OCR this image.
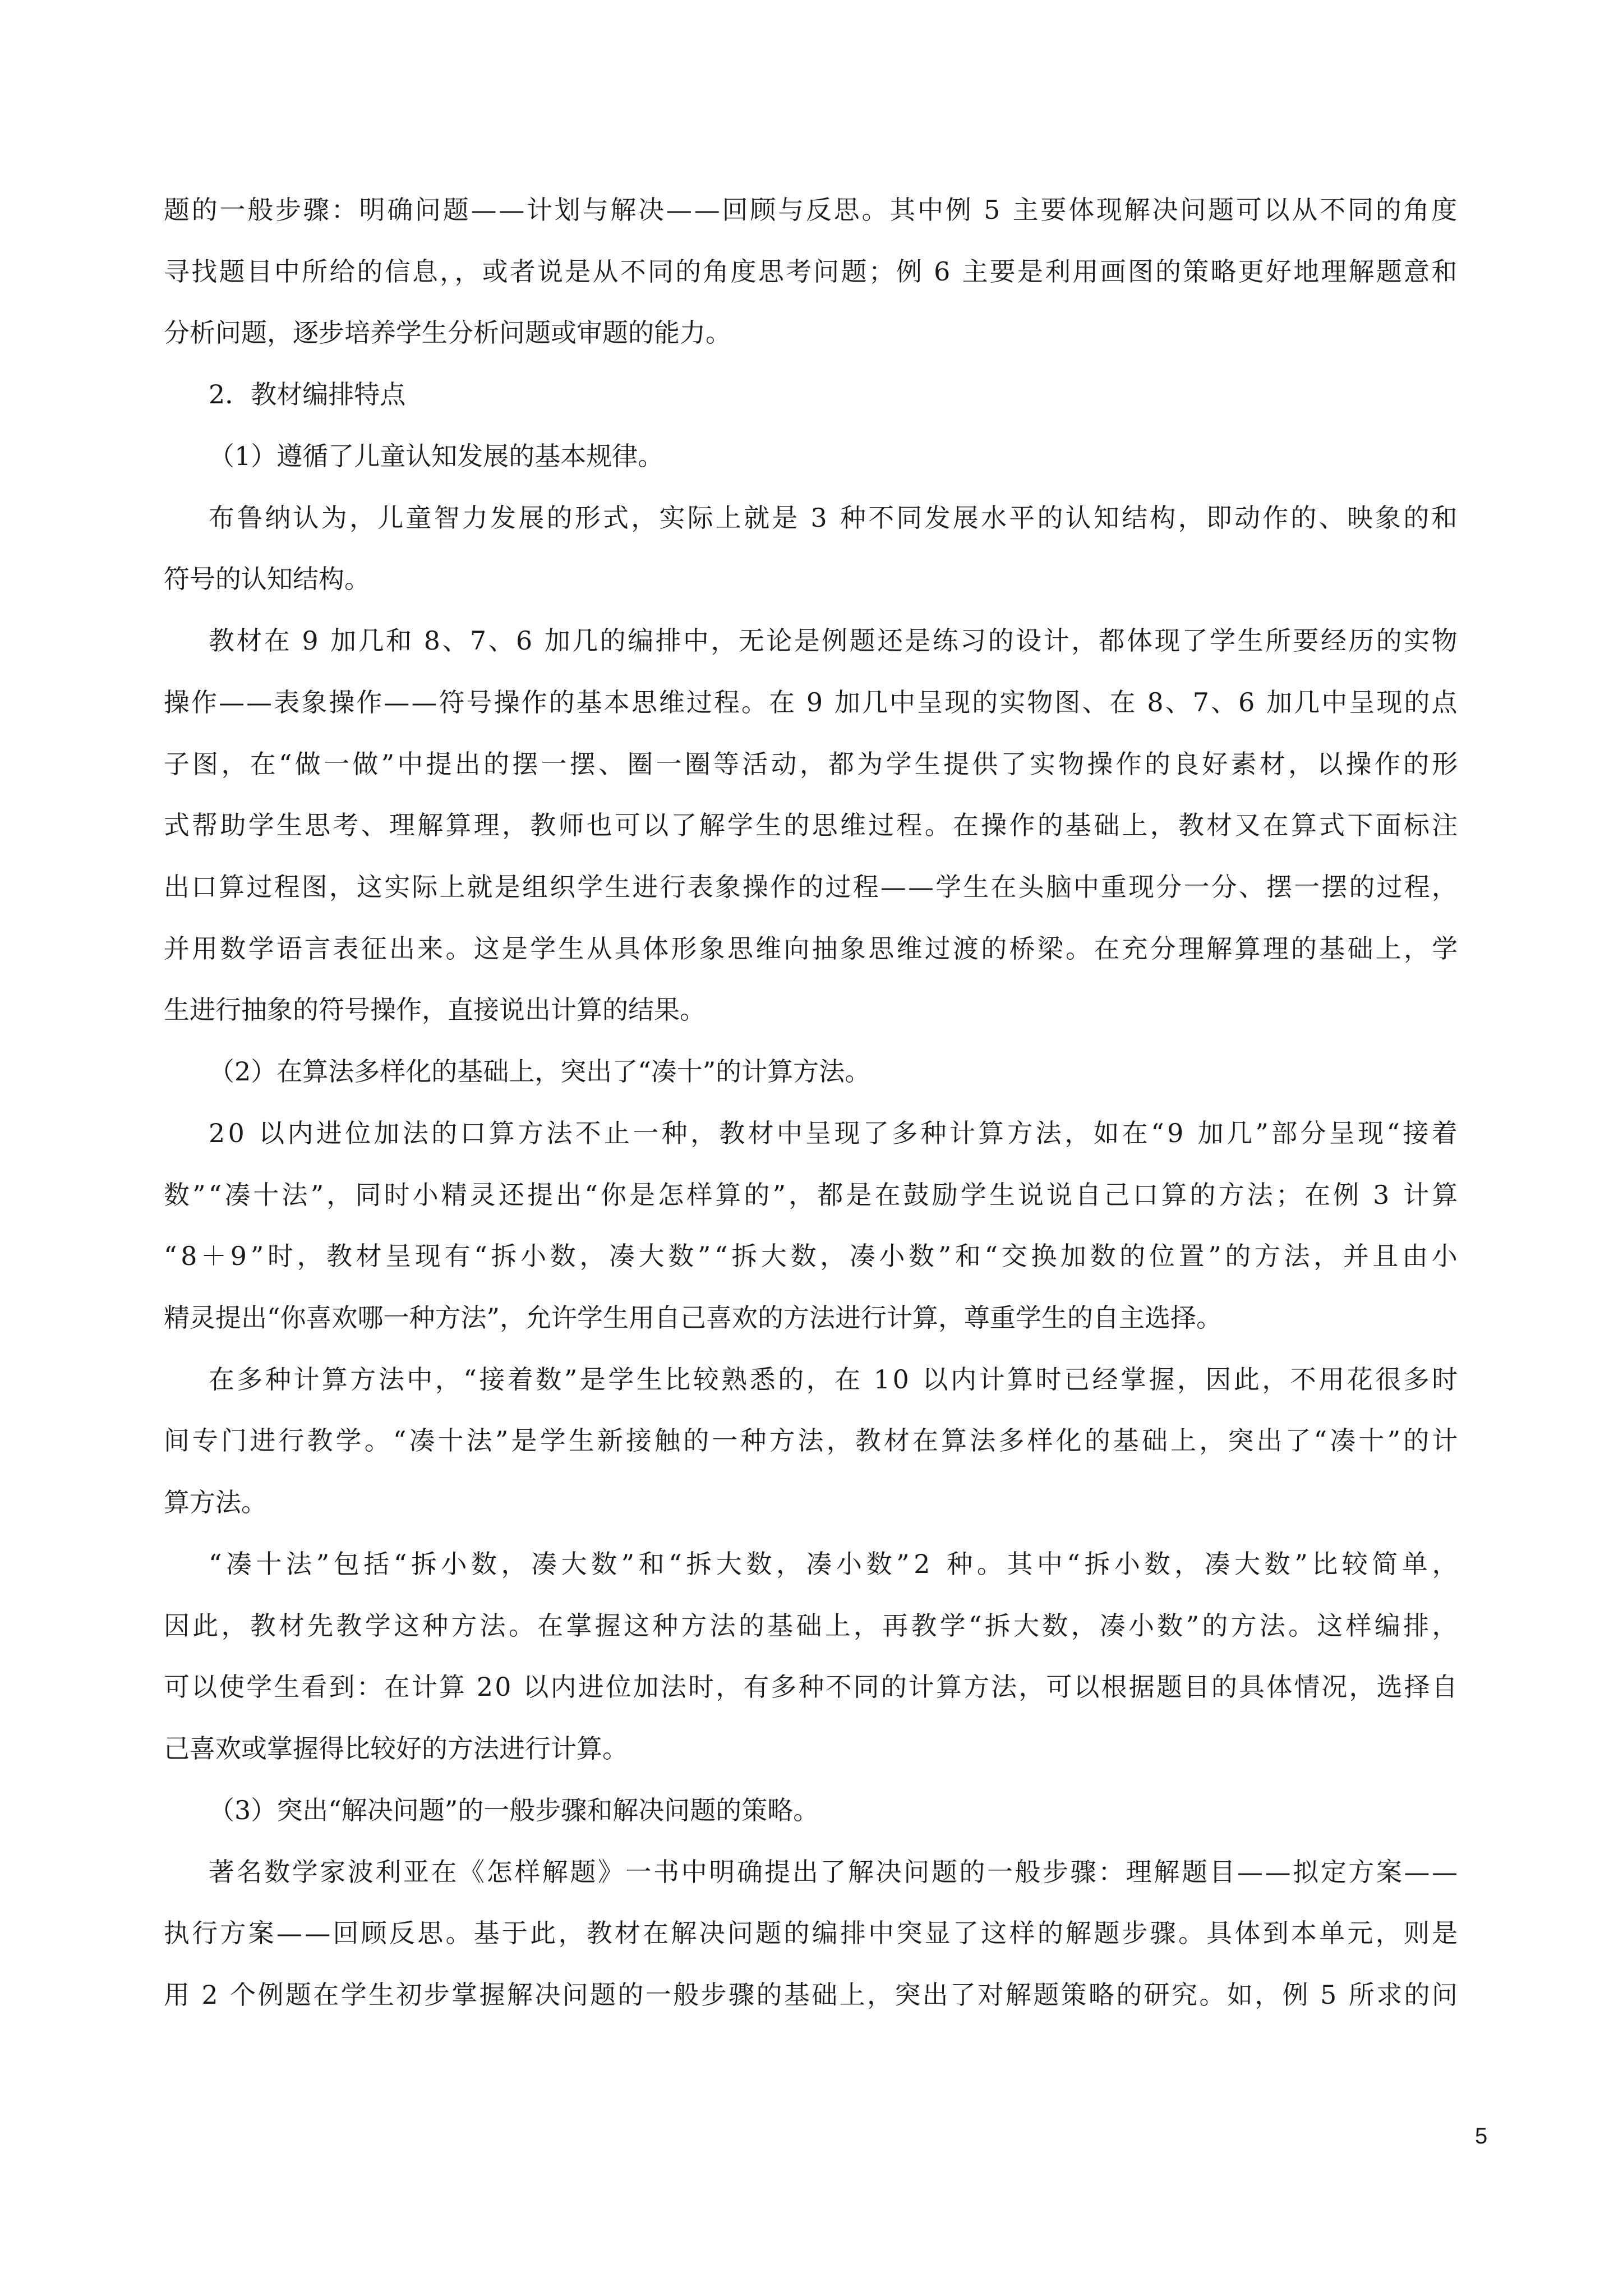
题的一般步骤：明确问题——计划与解决——回顾与反思。其中例 5 主要体现解决问题可以从不同的角度
寻找题目中所给的信息，，或者说是从不同的角度思考问题；例 6 主要是利用画图的策略更好地理解题意和
分析问题，逐步培养学生分析问题或审题的能力。
2．教材编排特点
（1）遵循了儿童认知发展的基本规律。
布鲁纳认为，儿童智力发展的形式，实际上就是 3 种不同发展水平的认知结构，即动作的、映象的和
符号的认知结构。
教材在 9 加几和 8、7、6 加几的编排中，无论是例题还是练习的设计，都体现了学生所要经历的实物
操作——表象操作——符号操作的基本思维过程。在 9 加几中呈现的实物图、在 8、7、6 加几中呈现的点
子图，在“做一做”中提出的摆一摆、圈一圈等活动，都为学生提供了实物操作的良好素材，以操作的形
式帮助学生思考、理解算理，教师也可以了解学生的思维过程。在操作的基础上，教材又在算式下面标注
出口算过程图，这实际上就是组织学生进行表象操作的过程——学生在头脑中重现分一分、摆一摆的过程，
并用数学语言表征出来。这是学生从具体形象思维向抽象思维过渡的桥梁。在充分理解算理的基础上，学
生进行抽象的符号操作，直接说出计算的结果。
（2）在算法多样化的基础上，突出了“凑十”的计算方法。
20 以内进位加法的口算方法不止一种，教材中呈现了多种计算方法，如在“9 加几”部分呈现“接着
数”“凑十法”，同时小精灵还提出“你是怎样算的”，都是在鼓励学生说说自己口算的方法；在例 3 计算
“8＋9”时，教材呈现有“拆小数，凑大数”“拆大数，凑小数”和“交换加数的位置”的方法，并且由小
精灵提出“你喜欢哪一种方法”，允许学生用自己喜欢的方法进行计算，尊重学生的自主选择。
在多种计算方法中，“接着数”是学生比较熟悉的，在 10 以内计算时已经掌握，因此，不用花很多时
间专门进行教学。“凑十法”是学生新接触的一种方法，教材在算法多样化的基础上，突出了“凑十”的计
算方法。
“凑十法”包括“拆小数，凑大数”和“拆大数，凑小数”2 种。其中“拆小数，凑大数”比较简单，
因此，教材先教学这种方法。在掌握这种方法的基础上，再教学“拆大数，凑小数”的方法。这样编排，
可以使学生看到：在计算 20 以内进位加法时，有多种不同的计算方法，可以根据题目的具体情况，选择自
己喜欢或掌握得比较好的方法进行计算。
（3）突出“解决问题”的一般步骤和解决问题的策略。
著名数学家波利亚在《怎样解题》一书中明确提出了解决问题的一般步骤：理解题目——拟定方案——
执行方案——回顾反思。基于此，教材在解决问题的编排中突显了这样的解题步骤。具体到本单元，则是
用 2 个例题在学生初步掌握解决问题的一般步骤的基础上，突出了对解题策略的研究。如，例 5 所求的问
5
